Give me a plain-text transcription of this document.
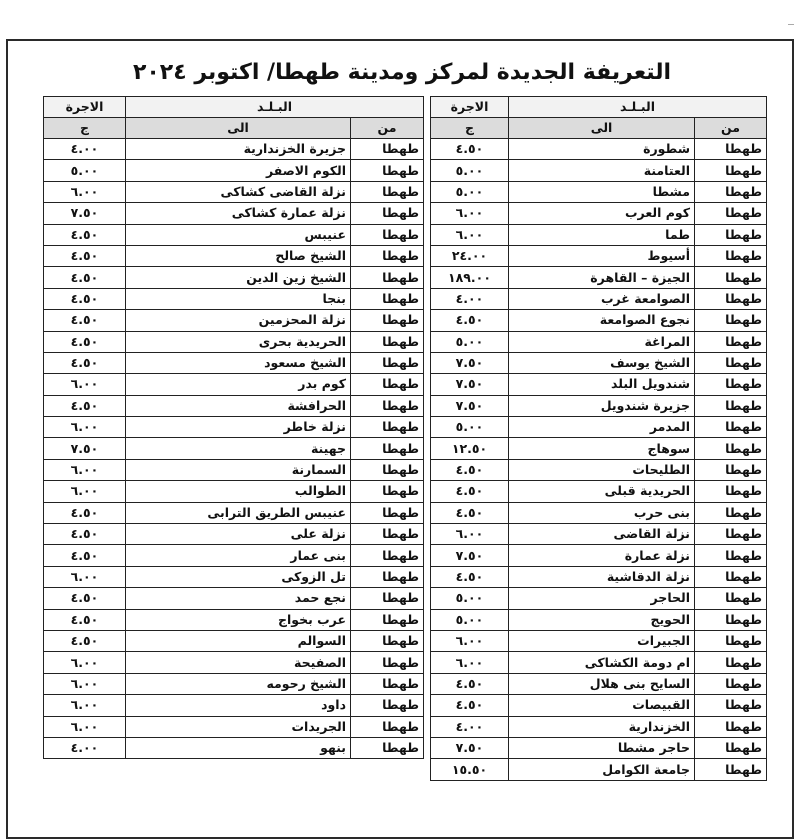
التعريفة الجديدة لمركز ومدينة طهطا/ اكتوبر ٢٠٢٤
الاجرة	البـلـد	
ج	الى	من
٤.٥٠	شطورة	طهطا
٥.٠٠	العتامنة	طهطا
٥.٠٠	مشطا	طهطا
٦.٠٠	كوم العرب	طهطا
٦.٠٠	طما	طهطا
٢٤.٠٠	أسيوط	طهطا
١٨٩.٠٠	الجيزة – القاهرة	طهطا
٤.٠٠	الصوامعة غرب	طهطا
٤.٥٠	نجوع الصوامعة	طهطا
٥.٠٠	المراغة	طهطا
٧.٥٠	الشيخ يوسف	طهطا
٧.٥٠	شندويل البلد	طهطا
٧.٥٠	جزيرة شندويل	طهطا
٥.٠٠	المدمر	طهطا
١٢.٥٠	سوهاج	طهطا
٤.٥٠	الطليحات	طهطا
٤.٥٠	الحريدية قبلى	طهطا
٤.٥٠	بنى حرب	طهطا
٦.٠٠	نزلة القاضى	طهطا
٧.٥٠	نزلة عمارة	طهطا
٤.٥٠	نزلة الدقاشية	طهطا
٥.٠٠	الحاجر	طهطا
٥.٠٠	الحويج	طهطا
٦.٠٠	الجبيرات	طهطا
٦.٠٠	ام دومة الكشاكى	طهطا
٤.٥٠	السايح بنى هلال	طهطا
٤.٥٠	القبيصات	طهطا
٤.٠٠	الخزندارية	طهطا
٧.٥٠	حاجر مشطا	طهطا
١٥.٥٠	جامعة الكوامل	طهطا
الاجرة	البـلـد	
ج	الى	من
٤.٠٠	جزيرة الخزندارية	طهطا
٥.٠٠	الكوم الاصفر	طهطا
٦.٠٠	نزلة القاضى كشاكى	طهطا
٧.٥٠	نزلة عمارة كشاكى	طهطا
٤.٥٠	عنيبس	طهطا
٤.٥٠	الشيخ صالح	طهطا
٤.٥٠	الشيخ زين الدين	طهطا
٤.٥٠	بنجا	طهطا
٤.٥٠	نزلة المحزمين	طهطا
٤.٥٠	الحريدية بحرى	طهطا
٤.٥٠	الشيخ مسعود	طهطا
٦.٠٠	كوم بدر	طهطا
٤.٥٠	الحرافشة	طهطا
٦.٠٠	نزلة خاطر	طهطا
٧.٥٠	جهينة	طهطا
٦.٠٠	السمارنة	طهطا
٦.٠٠	الطوالب	طهطا
٤.٥٠	عنيبس الطريق الترابى	طهطا
٤.٥٠	نزلة على	طهطا
٤.٥٠	بنى عمار	طهطا
٦.٠٠	تل الزوكى	طهطا
٤.٥٠	نجع حمد	طهطا
٤.٥٠	عرب بخواج	طهطا
٤.٥٠	السوالم	طهطا
٦.٠٠	الصفيحة	طهطا
٦.٠٠	الشيخ رحومه	طهطا
٦.٠٠	داود	طهطا
٦.٠٠	الجريدات	طهطا
٤.٠٠	بنهو	طهطا
